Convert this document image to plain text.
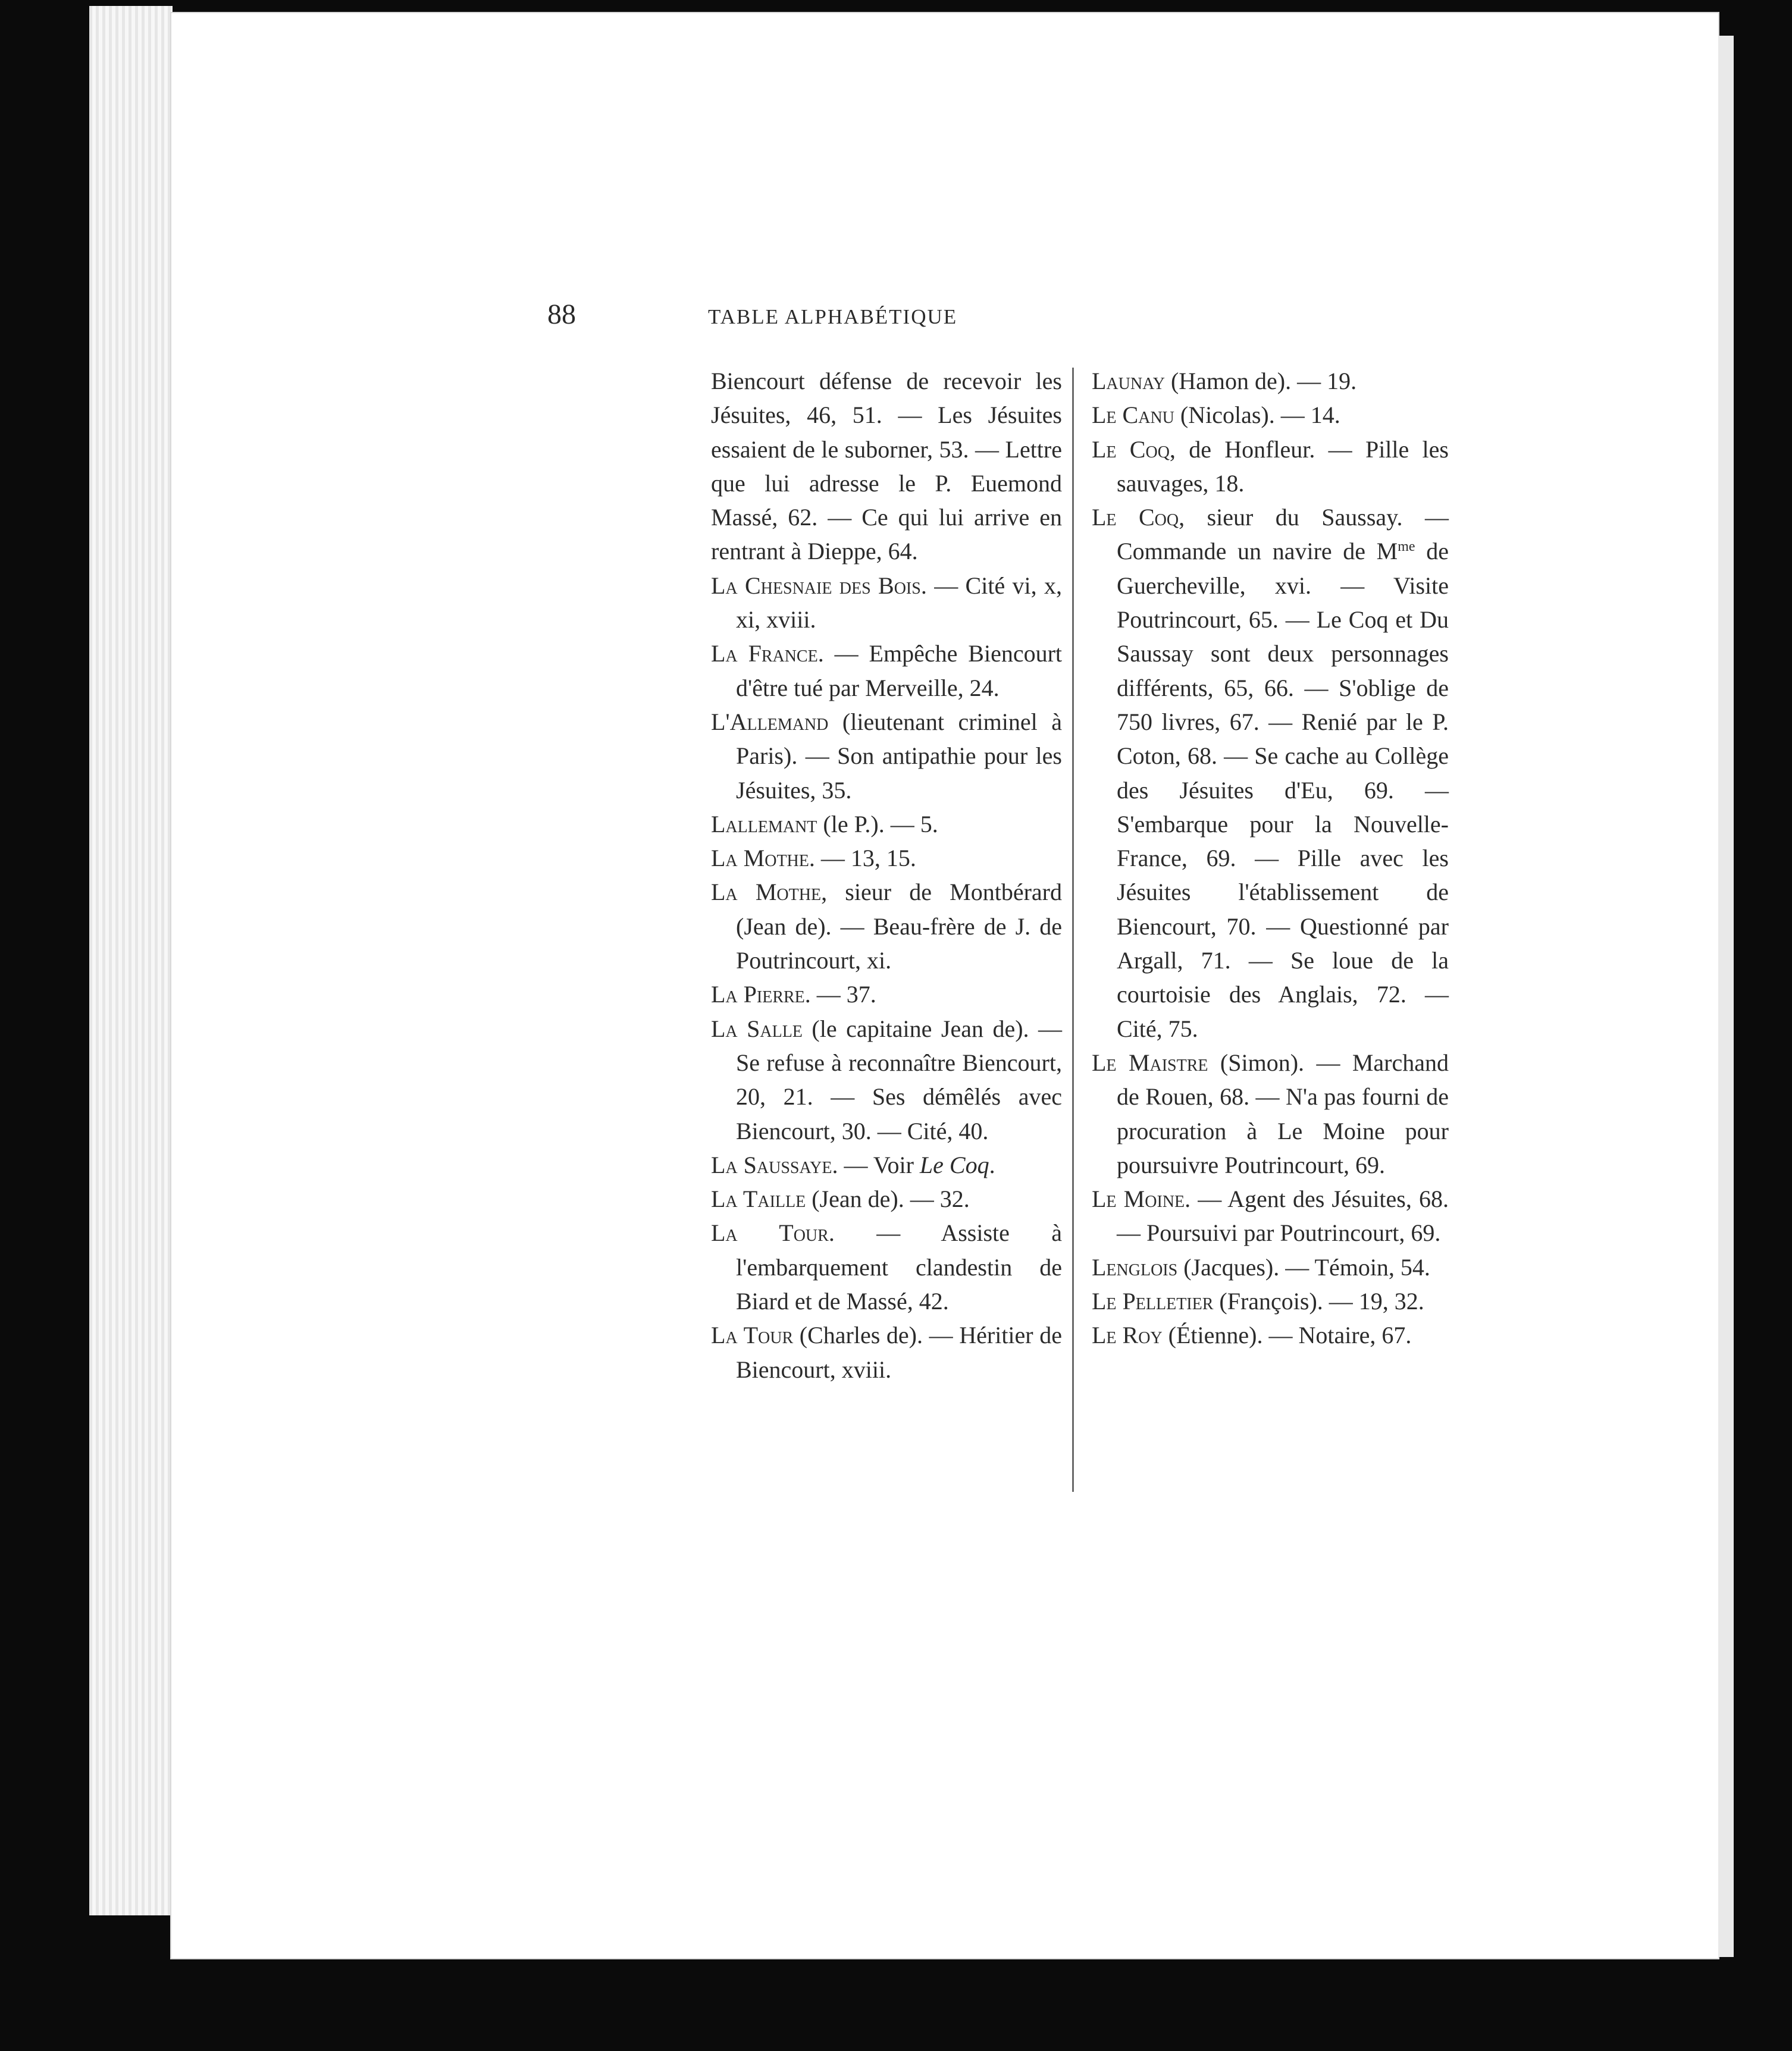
88	TABLE ALPHABÉTIQUE

Biencourt défense de recevoir les Jésuites, 46, 51. — Les Jésuites essaient de le suborner, 53. — Lettre que lui adresse le P. Euemond Massé, 62. — Ce qui lui arrive en rentrant à Dieppe, 64.

La Chesnaie des Bois. — Cité vi, x, xi, xviii.

La France. — Empêche Biencourt d'être tué par Merveille, 24.

L'Allemand (lieutenant criminel à Paris). — Son antipathie pour les Jésuites, 35.

Lallemant (le P.). — 5.

La Mothe. — 13, 15.

La Mothe, sieur de Montbérard (Jean de). — Beau-frère de J. de Poutrincourt, xi.

La Pierre. — 37.

La Salle (le capitaine Jean de). — Se refuse à reconnaître Biencourt, 20, 21. — Ses démêlés avec Biencourt, 30. — Cité, 40.

La Saussaye. — Voir Le Coq.

La Taille (Jean de). — 32.

La Tour. — Assiste à l'embarquement clandestin de Biard et de Massé, 42.

La Tour (Charles de). — Héritier de Biencourt, xviii.

Launay (Hamon de). — 19.

Le Canu (Nicolas). — 14.

Le Coq, de Honfleur. — Pille les sauvages, 18.

Le Coq, sieur du Saussay. — Commande un navire de $M^{me}$ de Guercheville, xvi. — Visite Poutrincourt, 65. — Le Coq et Du Saussay sont deux personnages différents, 65, 66. — S'oblige de 750 livres, 67. — Renié par le P. Coton, 68. — Se cache au Collège des Jésuites d'Eu, 69. — S'embarque pour la Nouvelle-France, 69. — Pille avec les Jésuites l'établissement de Biencourt, 70. — Questionné par Argall, 71. — Se loue de la courtoisie des Anglais, 72. — Cité, 75.

Le Maistre (Simon). — Marchand de Rouen, 68. — N'a pas fourni de procuration à Le Moine pour poursuivre Poutrincourt, 69.

Le Moine. — Agent des Jésuites, 68. — Poursuivi par Poutrincourt, 69.

Lenglois (Jacques). — Témoin, 54.

Le Pelletier (François). — 19, 32.

Le Roy (Étienne). — Notaire, 67.
